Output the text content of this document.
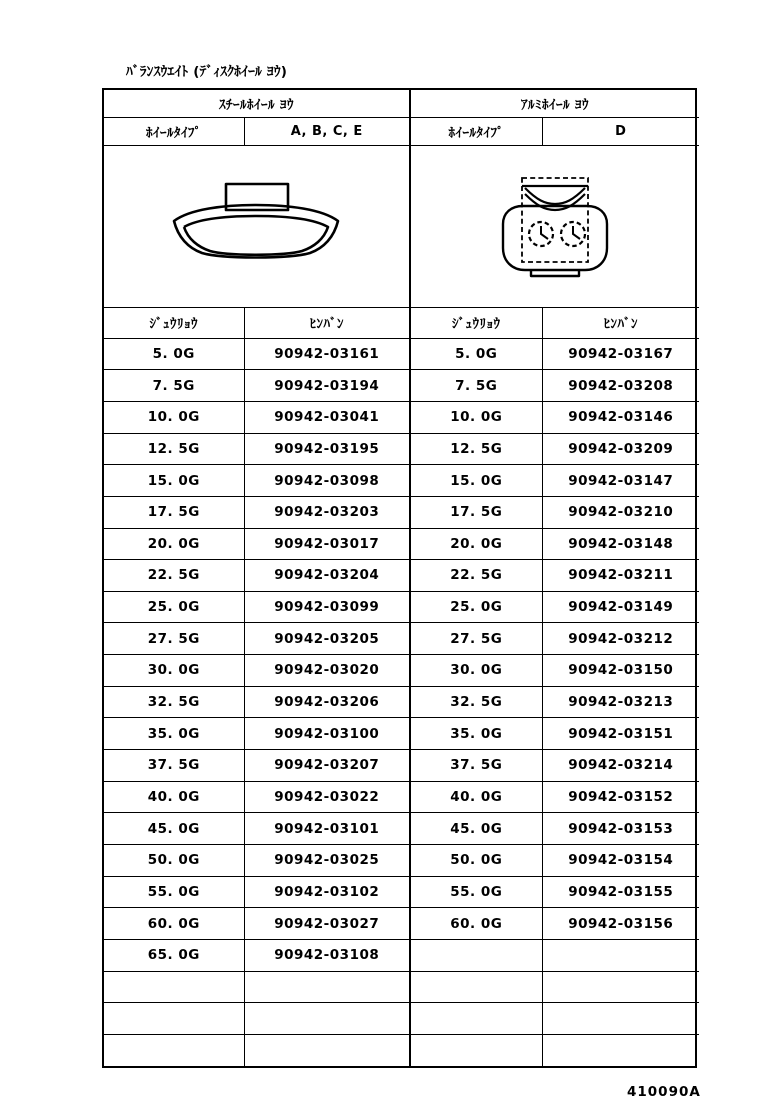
ﾊﾞﾗﾝｽｳｴｲﾄ (ﾃﾞｨｽｸﾎｲｰﾙ ﾖｳ)
ｽﾁｰﾙﾎｲｰﾙ ﾖｳ		ｱﾙﾐﾎｲｰﾙ ﾖｳ	
ﾎｲｰﾙﾀｲﾌﾟ	A, B, C, E	ﾎｲｰﾙﾀｲﾌﾟ	D

ｼﾞｭｳﾘｮｳ	ﾋﾝﾊﾞﾝ	ｼﾞｭｳﾘｮｳ	ﾋﾝﾊﾞﾝ
5. 0G	90942-03161	5. 0G	90942-03167
7. 5G	90942-03194	7. 5G	90942-03208
10. 0G	90942-03041	10. 0G	90942-03146
12. 5G	90942-03195	12. 5G	90942-03209
15. 0G	90942-03098	15. 0G	90942-03147
17. 5G	90942-03203	17. 5G	90942-03210
20. 0G	90942-03017	20. 0G	90942-03148
22. 5G	90942-03204	22. 5G	90942-03211
25. 0G	90942-03099	25. 0G	90942-03149
27. 5G	90942-03205	27. 5G	90942-03212
30. 0G	90942-03020	30. 0G	90942-03150
32. 5G	90942-03206	32. 5G	90942-03213
35. 0G	90942-03100	35. 0G	90942-03151
37. 5G	90942-03207	37. 5G	90942-03214
40. 0G	90942-03022	40. 0G	90942-03152
45. 0G	90942-03101	45. 0G	90942-03153
50. 0G	90942-03025	50. 0G	90942-03154
55. 0G	90942-03102	55. 0G	90942-03155
60. 0G	90942-03027	60. 0G	90942-03156
65. 0G	90942-03108		

410090A
